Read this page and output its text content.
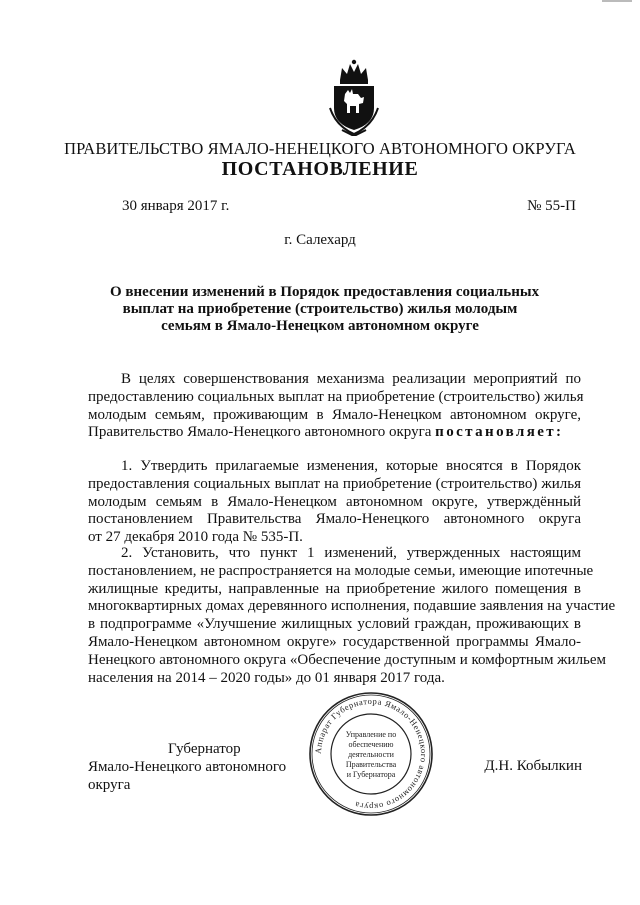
ПРАВИТЕЛЬСТВО ЯМАЛО-НЕНЕЦКОГО АВТОНОМНОГО ОКРУГА
ПОСТАНОВЛЕНИЕ
30 января 2017 г.	№ 55-П
г. Салехард
О внесении изменений в Порядок предоставления социальных
выплат на приобретение (строительство) жилья молодым
семьям в Ямало-Ненецком автономном округе
В целях совершенствования механизма реализации мероприятий по
предоставлению социальных выплат на приобретение (строительство) жилья
молодым семьям, проживающим в Ямало-Ненецком автономном округе,
Правительство Ямало-Ненецкого автономного округа постановляет:
1. Утвердить прилагаемые изменения, которые вносятся в Порядок
предоставления социальных выплат на приобретение (строительство) жилья
молодым семьям в Ямало-Ненецком автономном округе, утверждённый
постановлением Правительства Ямало-Ненецкого автономного округа
от 27 декабря 2010 года № 535-П.
2. Установить, что пункт 1 изменений, утвержденных настоящим
постановлением, не распространяется на молодые семьи, имеющие ипотечные
жилищные кредиты, направленные на приобретение жилого помещения в
многоквартирных домах деревянного исполнения, подавшие заявления на участие
в подпрограмме «Улучшение жилищных условий граждан, проживающих в
Ямало-Ненецком автономном округе» государственной программы Ямало-
Ненецкого автономного округа «Обеспечение доступным и комфортным жильем
населения на 2014 – 2020 годы» до 01 января 2017 года.
Губернатор
Ямало-Ненецкого автономного округа
Аппарат Губернатора Ямало-Ненецкого автономного округа
Управление по
обеспечению
деятельности
Правительства
и Губернатора
Д.Н. Кобылкин
